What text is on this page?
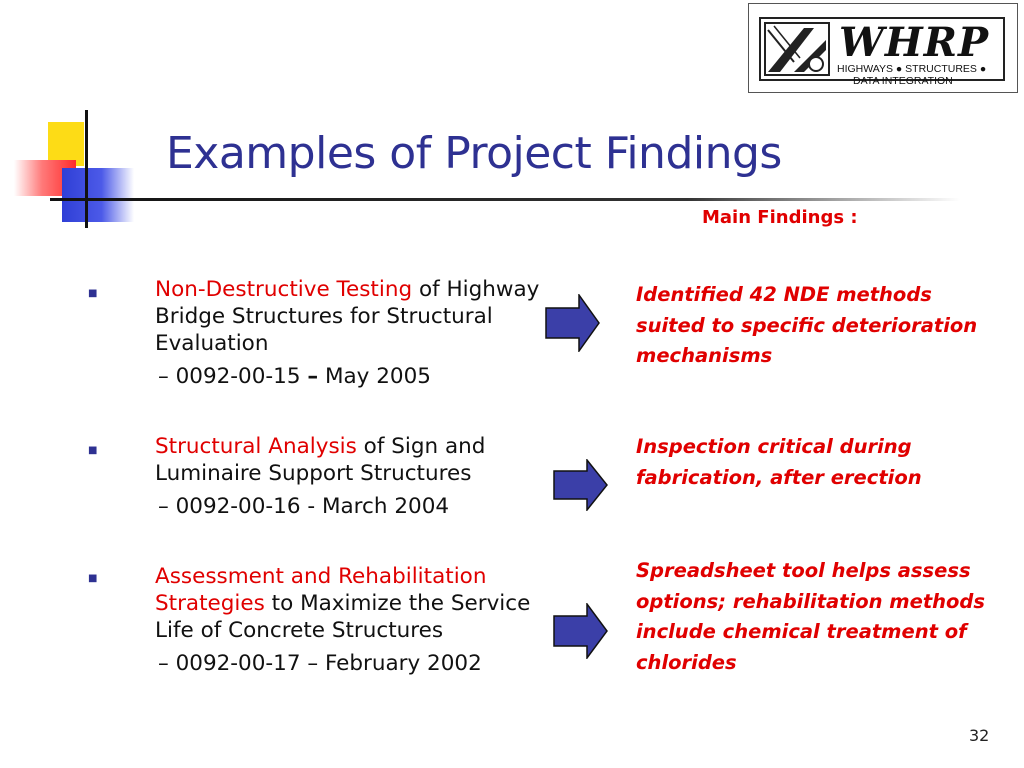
Examples of Project Findings
WHRP
HIGHWAYS ● STRUCTURES ●
DATA INTEGRATION
Main Findings :
■	Non-Destructive Testing of Highway Bridge Structures for Structural Evaluation
– 0092-00-15 – May 2005
Identified 42 NDE methods suited to specific deterioration mechanisms
■	Structural Analysis of Sign and Luminaire Support Structures
– 0092-00-16 - March 2004
Inspection critical during fabrication, after erection
■	Assessment and Rehabilitation Strategies to Maximize the Service Life of Concrete Structures
– 0092-00-17 – February 2002
Spreadsheet tool helps assess options; rehabilitation methods include chemical treatment of chlorides
32
